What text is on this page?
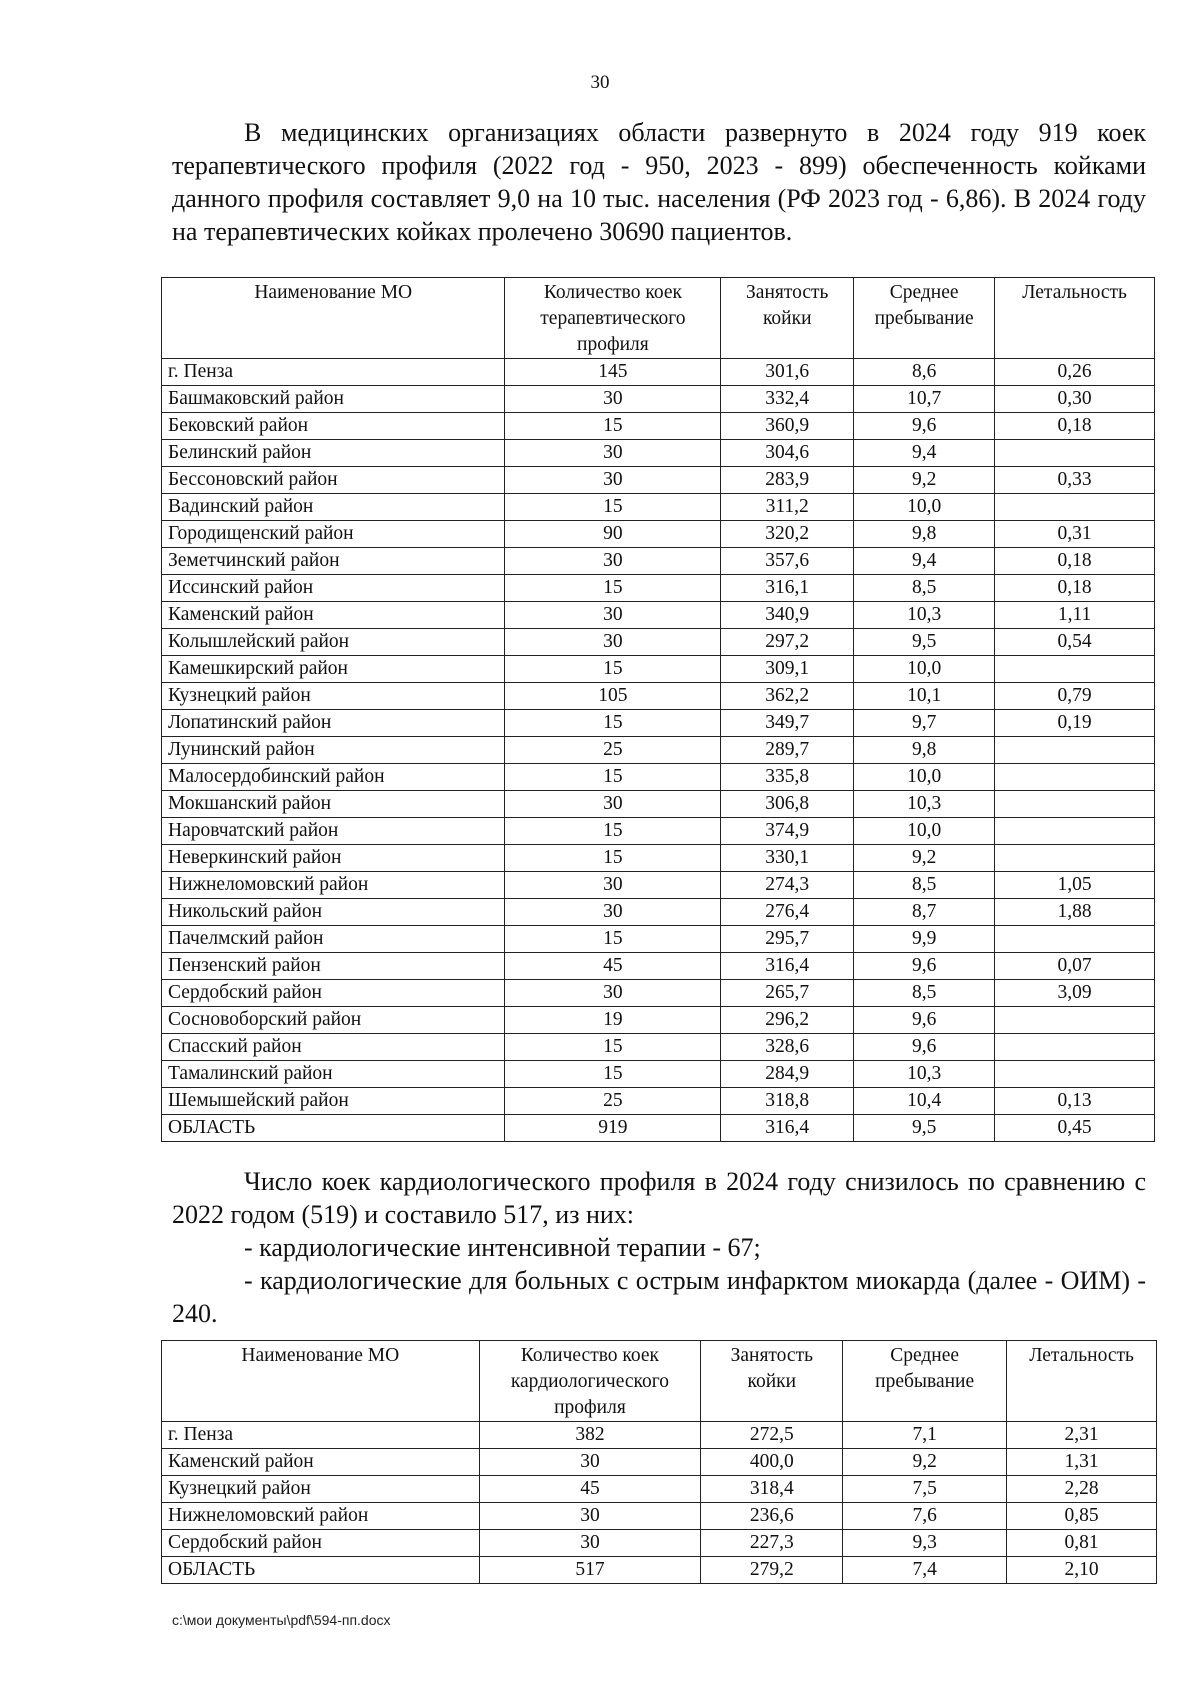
30
В медицинских организациях области развернуто в 2024 году 919 коек терапевтического профиля (2022 год - 950, 2023 - 899) обеспеченность койками данного профиля составляет 9,0 на 10 тыс. населения (РФ 2023 год - 6,86). В 2024 году на терапевтических койках пролечено 30690 пациентов.
Наименование МО	Количество коек терапевтического профиля	Занятость койки	Среднее пребывание	Летальность
г. Пенза	145	301,6	8,6	0,26
Башмаковский район	30	332,4	10,7	0,30
Бековский район	15	360,9	9,6	0,18
Белинский район	30	304,6	9,4	
Бессоновский район	30	283,9	9,2	0,33
Вадинский район	15	311,2	10,0	
Городищенский район	90	320,2	9,8	0,31
Земетчинский район	30	357,6	9,4	0,18
Иссинский район	15	316,1	8,5	0,18
Каменский район	30	340,9	10,3	1,11
Колышлейский район	30	297,2	9,5	0,54
Камешкирский район	15	309,1	10,0	
Кузнецкий район	105	362,2	10,1	0,79
Лопатинский район	15	349,7	9,7	0,19
Лунинский район	25	289,7	9,8	
Малосердобинский район	15	335,8	10,0	
Мокшанский район	30	306,8	10,3	
Наровчатский район	15	374,9	10,0	
Неверкинский район	15	330,1	9,2	
Нижнеломовский район	30	274,3	8,5	1,05
Никольский район	30	276,4	8,7	1,88
Пачелмский район	15	295,7	9,9	
Пензенский район	45	316,4	9,6	0,07
Сердобский район	30	265,7	8,5	3,09
Сосновоборский район	19	296,2	9,6	
Спасский район	15	328,6	9,6	
Тамалинский район	15	284,9	10,3	
Шемышейский район	25	318,8	10,4	0,13
ОБЛАСТЬ	919	316,4	9,5	0,45
Число коек кардиологического профиля в 2024 году снизилось по сравнению с 2022 годом (519) и составило 517, из них:
- кардиологические интенсивной терапии - 67;
- кардиологические для больных с острым инфарктом миокарда (далее - ОИМ) - 240.
Наименование МО	Количество коек кардиологического профиля	Занятость койки	Среднее пребывание	Летальность
г. Пенза	382	272,5	7,1	2,31
Каменский район	30	400,0	9,2	1,31
Кузнецкий район	45	318,4	7,5	2,28
Нижнеломовский район	30	236,6	7,6	0,85
Сердобский район	30	227,3	9,3	0,81
ОБЛАСТЬ	517	279,2	7,4	2,10
c:\мои документы\pdf\594-пп.docx
